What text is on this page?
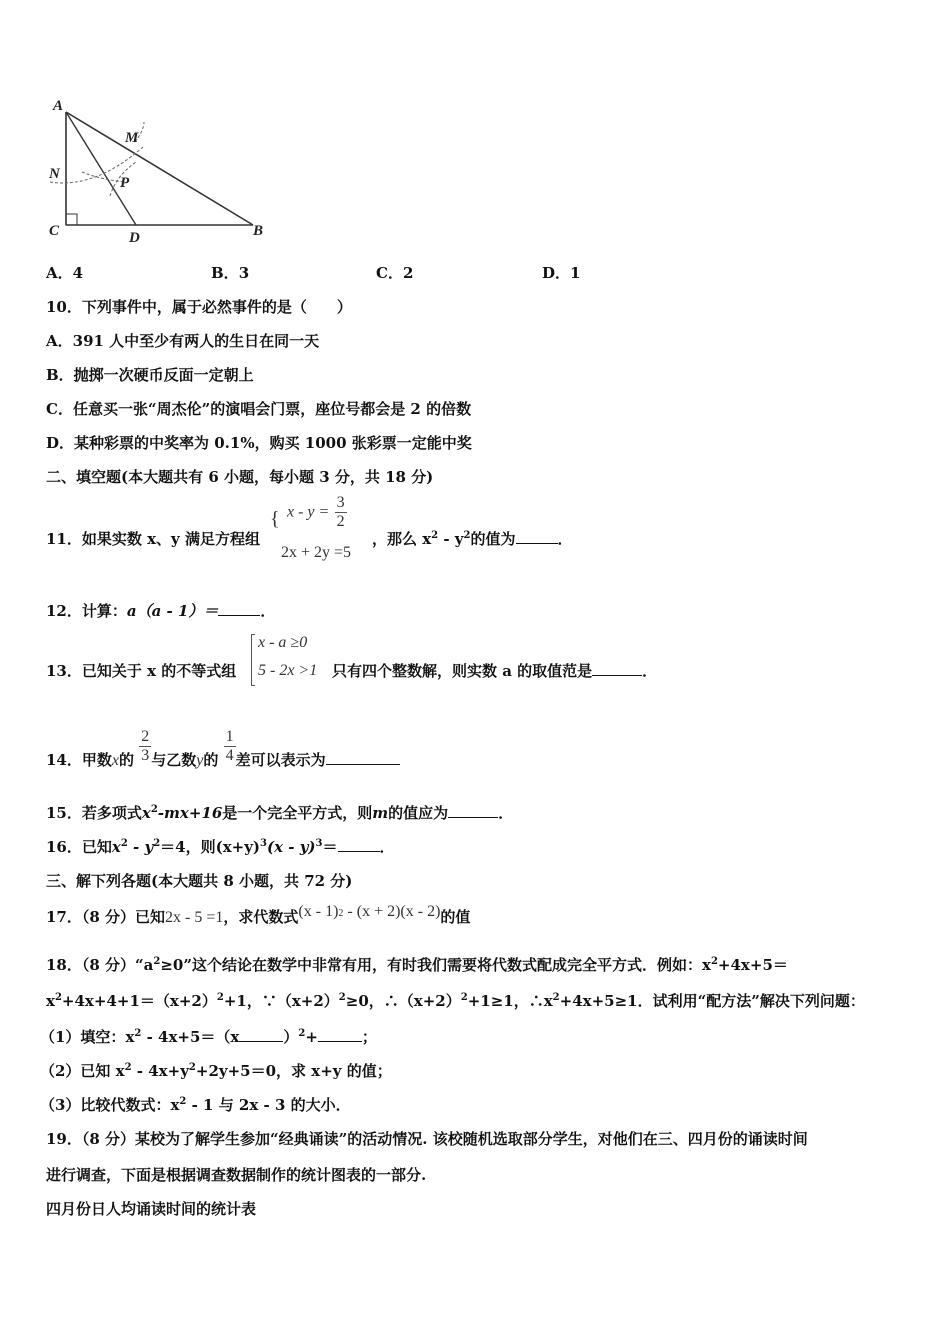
A
M
N
P
C	D	B
A．4	B．3	C．2	D．1
10．下列事件中，属于必然事件的是（　　）
A．391 人中至少有两人的生日在同一天
B．抛掷一次硬币反面一定朝上
C．任意买一张“周杰伦”的演唱会门票，座位号都会是 2 的倍数
D．某种彩票的中奖率为 0.1%，购买 1000 张彩票一定能中奖
二、填空题(本大题共有 6 小题，每小题 3 分，共 18 分)
11．如果实数 x、y 满足方程组
{ $x - y = \frac{3}{2}$
2x + 2y =5
，那么 $x^2 - y^2$的值为	．
12．计算：a（a - 1）＝	．
13．已知关于 x 的不等式组
x - a ≥0
5 - 2x >1 只有四个整数解，则实数 a 的取值范是	．
14．甲数x的 $\frac{2}{3}$ 与乙数y的 $\frac{1}{4}$ 差可以表示为
15．若多项式$x^2-mx+16$是一个完全平方式，则m的值应为	．
16．已知$x^2 - y^2=4$，则$(x+y)^3(x - y)^3=$	．
三、解下列各题(本大题共 8 小题，共 72 分)
17．（8 分）已知2x - 5 =1，求代数式(x - 1)$^2$ - (x + 2)(x - 2)的值
18．（8 分）“$a^2\ge 0$”这个结论在数学中非常有用，有时我们需要将代数式配成完全平方式．例如：$x^2+4x+5=$
$x^2+4x+4+1=(x+2)^2+1$，$\because(x+2)^2\ge 0$，$\therefore(x+2)^2+1\ge 1$，$\therefore x^2+4x+5\ge 1$．试利用“配方法”解决下列问题：
（1）填空：$x^2 - 4x+5=(x$	）$^2$+	；
（2）已知 $x^2 - 4x+y^2+2y+5=0$，求 x+y 的值；
（3）比较代数式：$x^2 - 1$ 与 2x - 3 的大小．
19．（8 分）某校为了解学生参加“经典诵读”的活动情况. 该校随机选取部分学生，对他们在三、四月份的诵读时间
进行调查，下面是根据调查数据制作的统计图表的一部分.
四月份日人均诵读时间的统计表
